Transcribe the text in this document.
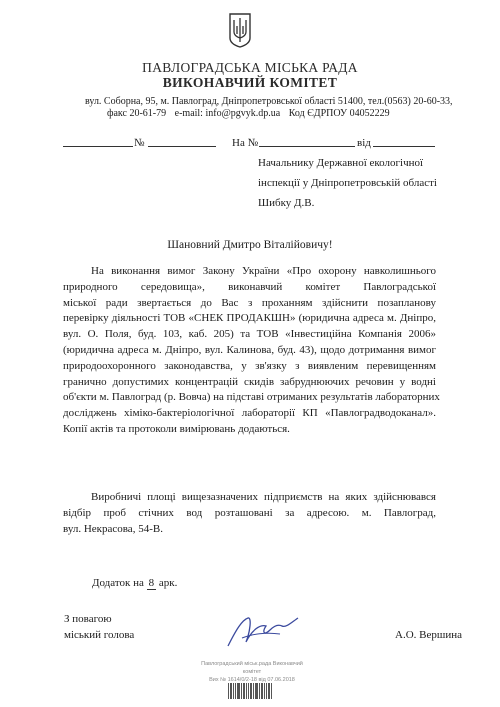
ПАВЛОГРАДСЬКА МІСЬКА РАДА
ВИКОНАВЧИЙ КОМІТЕТ
вул. Соборна, 95, м. Павлоград, Дніпропетровської області 51400, тел.(0563) 20-60-33,
факс 20-61-79 e-mail: info@pgvyk.dp.ua Код ЄДРПОУ 04052229
№	На №	від
Начальнику Державної екологічної
інспекції у Дніпропетровській області
Шибку Д.В.
Шановний Дмитро Віталійовичу!
На виконання вимог Закону України «Про охорону навколишнього
природного середовища», виконавчий комітет Павлоградської
міської ради звертається до Вас з проханням здійснити позапланову
перевірку діяльності ТОВ «СНЕК ПРОДАКШН» (юридична адреса м. Дніпро,
вул. О. Поля, буд. 103, каб. 205) та ТОВ «Інвестиційна Компанія 2006»
(юридична адреса м. Дніпро, вул. Калинова, буд. 43), щодо дотримання вимог
природоохоронного законодавства, у зв'язку з виявленим перевищенням
гранично допустимих концентрацій скидів забруднюючих речовин у водні
об'єкти м. Павлоград (р. Вовча) на підставі отриманих результатів лабораторних
досліджень хіміко-бактеріологічної лабораторії КП «Павлоградводоканал».
Копії актів та протоколи вимірювань додаються.
Виробничі площі вищезазначених підприємств на яких здійснювався
відбір проб стічних вод розташовані за адресою. м. Павлоград,
вул. Некрасова, 54-В.
Додаток на 8 арк.
З повагою
міський голова	А.О. Вершина
Павлоградський міськ.рада Виконавчий комітет
Вих № 1614/0/2-18 від 07.06.2018
